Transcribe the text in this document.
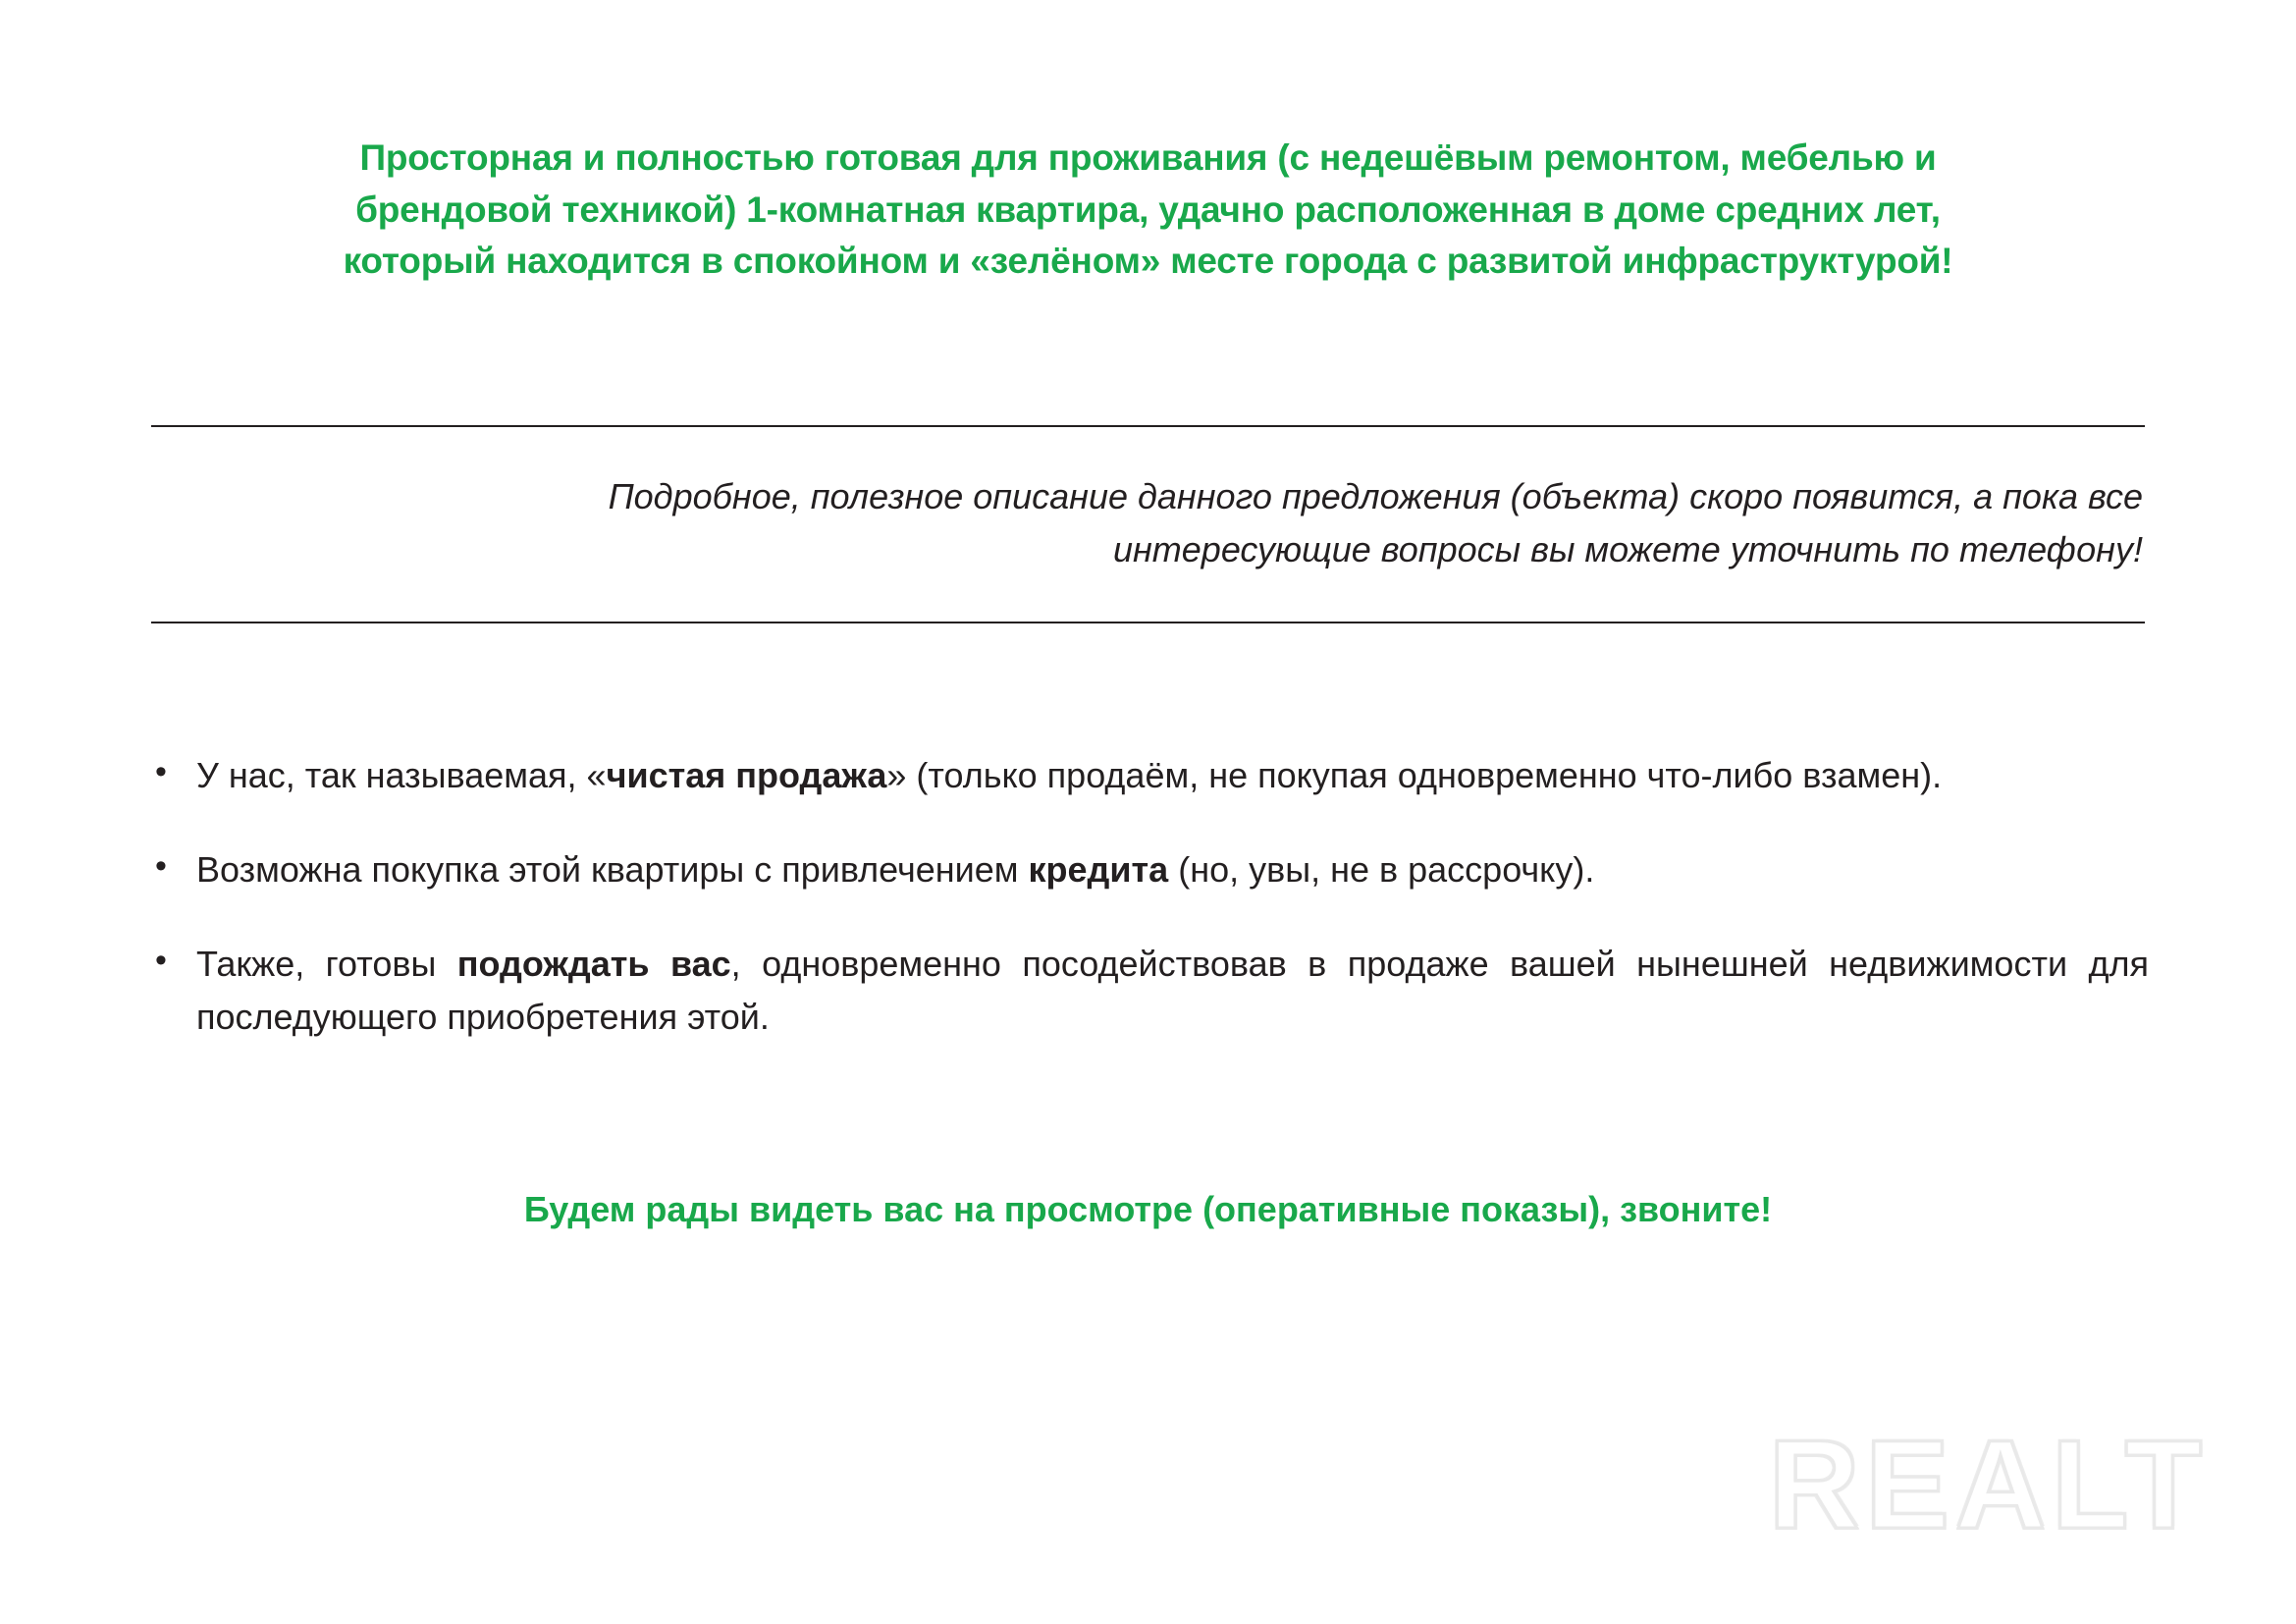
Просторная и полностью готовая для проживания (с недешёвым ремонтом, мебелью и
брендовой техникой) 1-комнатная квартира, удачно расположенная в доме средних лет,
который находится в спокойном и «зелёном» месте города с развитой инфраструктурой!
Подробное, полезное описание данного предложения (объекта) скоро появится, а пока все
интересующие вопросы вы можете уточнить по телефону!
• У нас, так называемая, «чистая продажа» (только продаём, не покупая одновременно что-либо взамен).
• Возможна покупка этой квартиры с привлечением кредита (но, увы, не в рассрочку).
• Также, готовы подождать вас, одновременно посодействовав в продаже вашей нынешней недвижимости для последующего приобретения этой.
Будем рады видеть вас на просмотре (оперативные показы), звоните!
REALT
